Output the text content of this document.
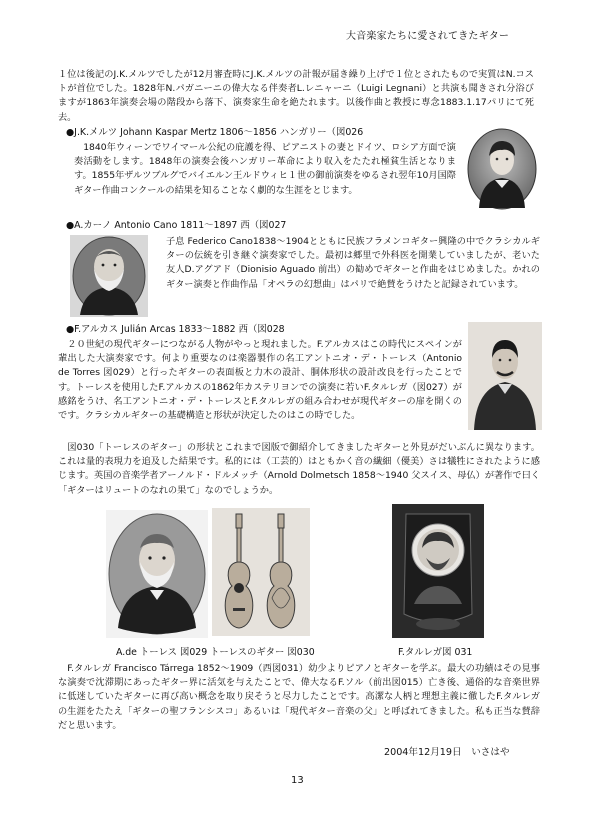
大音楽家たちに愛されてきたギター
１位は後記のJ.K.メルツでしたが12月審査時にJ.K.メルツの計報が届き繰り上げで１位とされたもので実質はN.コストが首位でした。1828年N.パガニーニの偉大なる伴奏者L.レニャーニ（Luigi Legnani）と共演も聞きされ分浴びますが1863年演奏会場の階段から落下、演奏家生命を絶たれます。以後作曲と教授に専念1883.1.17パリにて死去。
●J.K.メルツ Johann Kaspar Mertz 1806～1856 ハンガリー（図026
1840年ウィーンでワイマール公紀の庇護を得、ピアニストの妻とドイツ、ロシア方面で演奏活動をします。1848年の演奏会後ハンガリー革命により収入をたたれ極貧生活となります。1855年ザルツブルグでバイエルン王ルドウィヒ１世の御前演奏をゆるされ翌年10月国際ギター作曲コンクールの結果を知ることなく劇的な生涯をとじます。
●A.カーノ Antonio Cano 1811～1897 西（図027
子息 Federico Cano1838～1904とともに民族フラメンコギター興隆の中でクラシカルギターの伝統を引き継ぐ演奏家でした。最初は郷里で外科医を開業していましたが、老いた友人D.アグアド（Dionisio Aguado 前出）の勧めでギターと作曲をはじめました。かれのギター演奏と作曲作品「オペラの幻想曲」はパリで絶賛をうけたと記録されています。
●F.アルカス Julián Arcas 1833～1882 西（図028
２０世紀の現代ギターにつながる人物がやっと現れました。F.アルカスはこの時代にスペインが輩出した大演奏家です。何より重要なのは楽器製作の名工アントニオ・デ・トーレス（Antonio de Torres 図029）と行ったギターの表面板と力木の設計、胴体形状の設計改良を行ったことです。トーレスを使用したF.アルカスの1862年カステリヨンでの演奏に若いF.タルレガ（図027）が感銘をうけ、名工アントニオ・デ・トーレスとF.タルレガの組み合わせが現代ギターの扉を開くのです。クラシカルギターの基礎構造と形状が決定したのはこの時でした。
図030「トーレスのギター」の形状とこれまで図版で御紹介してきましたギターと外見がだいぶんに異なります。これは量的表現力を追及した結果です。私的には（工芸的）はともかく音の繊細（優美）さは犠牲にされたように感じます。英国の音楽学者アーノルド・ドルメッチ（Arnold Dolmetsch 1858～1940 父スイス、母仏）が著作で曰く「ギターはリュートのなれの果て」なのでしょうか。
A.de トーレス 図029 トーレスのギター 図030	F.タルレガ図 031
F.タルレガ Francisco Tárrega 1852～1909（西図031）幼少よりピアノとギターを学ぶ。最大の功績はその見事な演奏で沈滞期にあったギター界に活気を与えたことで、偉大なるF.ソル（前出図015）亡き後、通俗的な音楽世界に低迷していたギターに再び高い概念を取り戻そうと尽力したことです。高潔な人柄と理想主義に徹したF.タルレガの生涯をたたえ「ギターの聖フランシスコ」あるいは「現代ギター音楽の父」と呼ばれてきました。私も正当な賛辞だと思います。
2004年12月19日　いさはや
13
